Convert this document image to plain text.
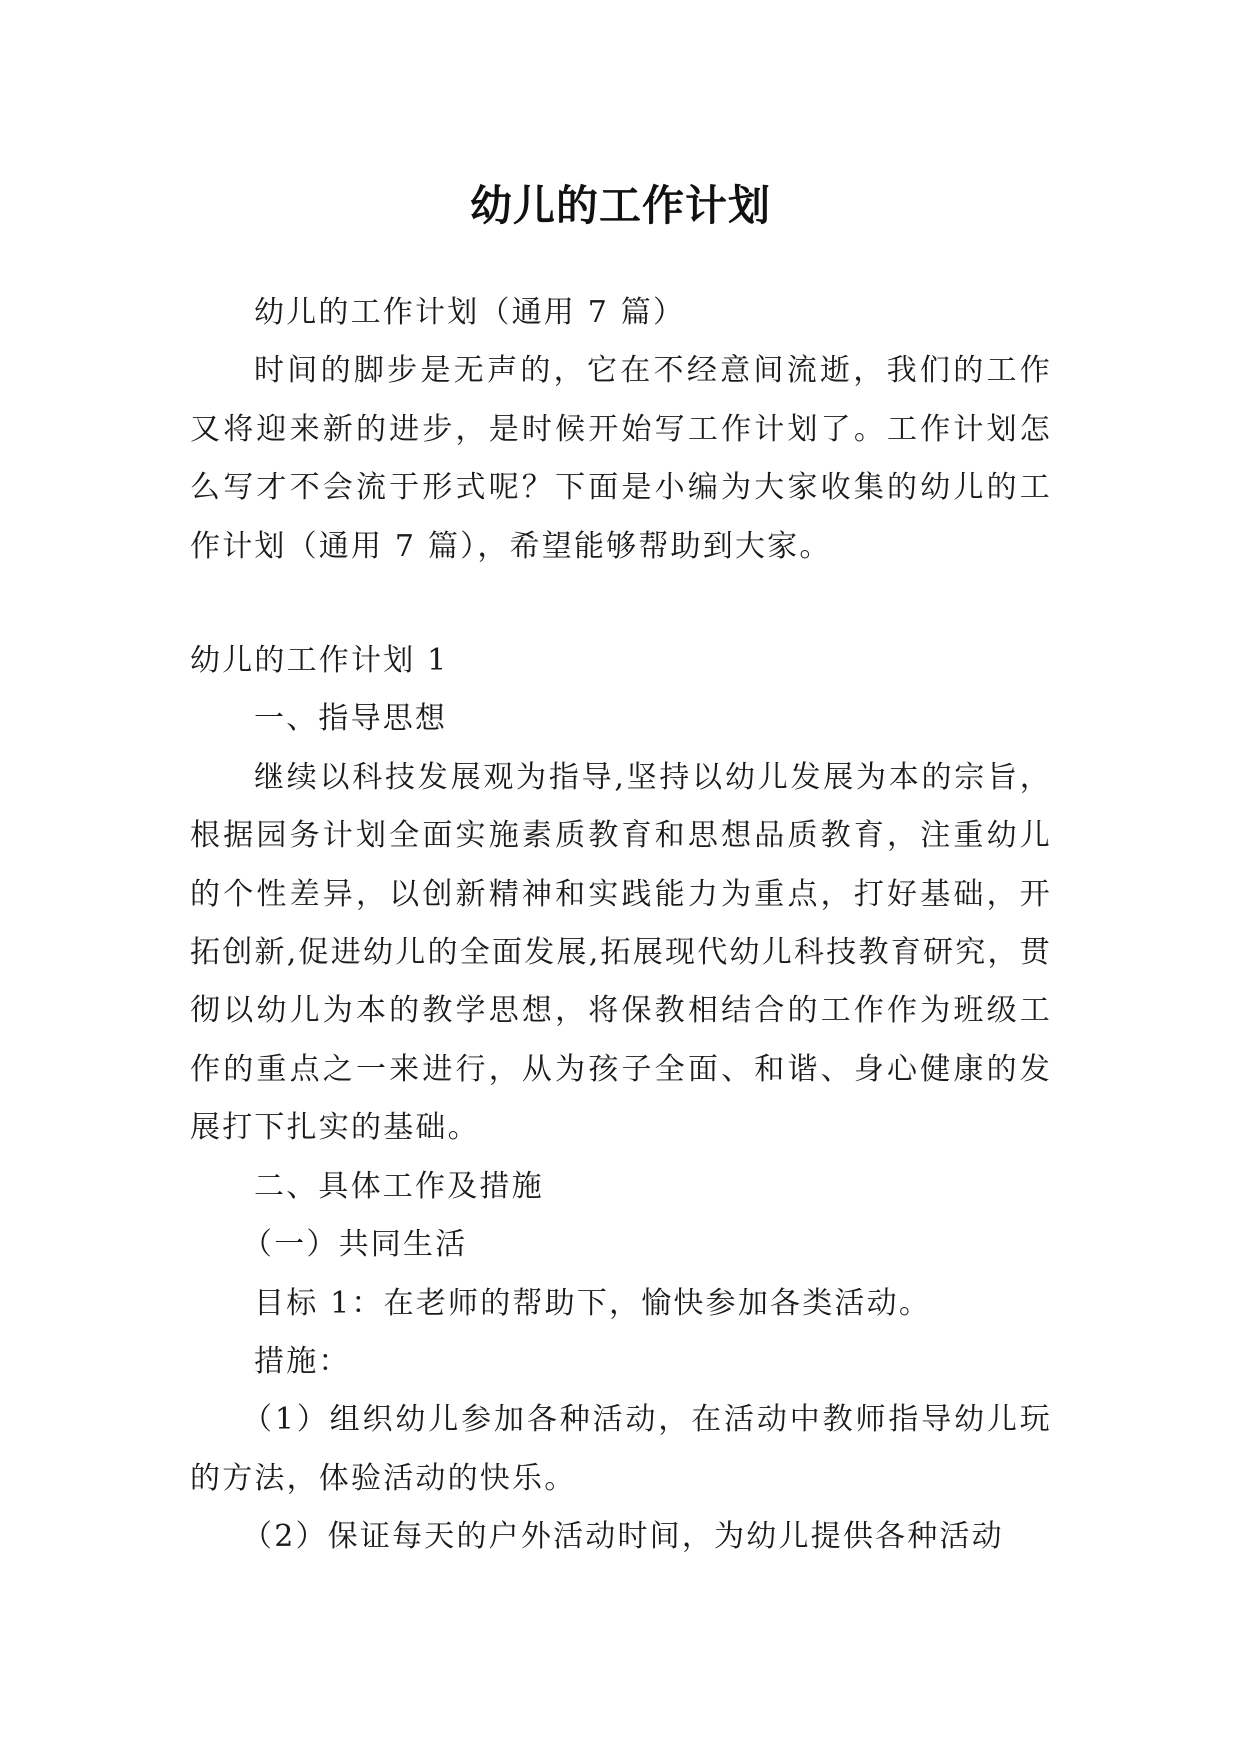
幼儿的工作计划

幼儿的工作计划（通用 7 篇）

时间的脚步是无声的，它在不经意间流逝，我们的工作又将迎来新的进步，是时候开始写工作计划了。工作计划怎么写才不会流于形式呢？下面是小编为大家收集的幼儿的工作计划（通用 7 篇），希望能够帮助到大家。

幼儿的工作计划 1

一、指导思想

继续以科技发展观为指导,坚持以幼儿发展为本的宗旨，根据园务计划全面实施素质教育和思想品质教育，注重幼儿的个性差异，以创新精神和实践能力为重点，打好基础，开拓创新,促进幼儿的全面发展,拓展现代幼儿科技教育研究，贯彻以幼儿为本的教学思想，将保教相结合的工作作为班级工作的重点之一来进行，从为孩子全面、和谐、身心健康的发展打下扎实的基础。

二、具体工作及措施

（一）共同生活

目标 1：在老师的帮助下，愉快参加各类活动。

措施：

（1）组织幼儿参加各种活动，在活动中教师指导幼儿玩的方法，体验活动的快乐。

（2）保证每天的户外活动时间，为幼儿提供各种活动
